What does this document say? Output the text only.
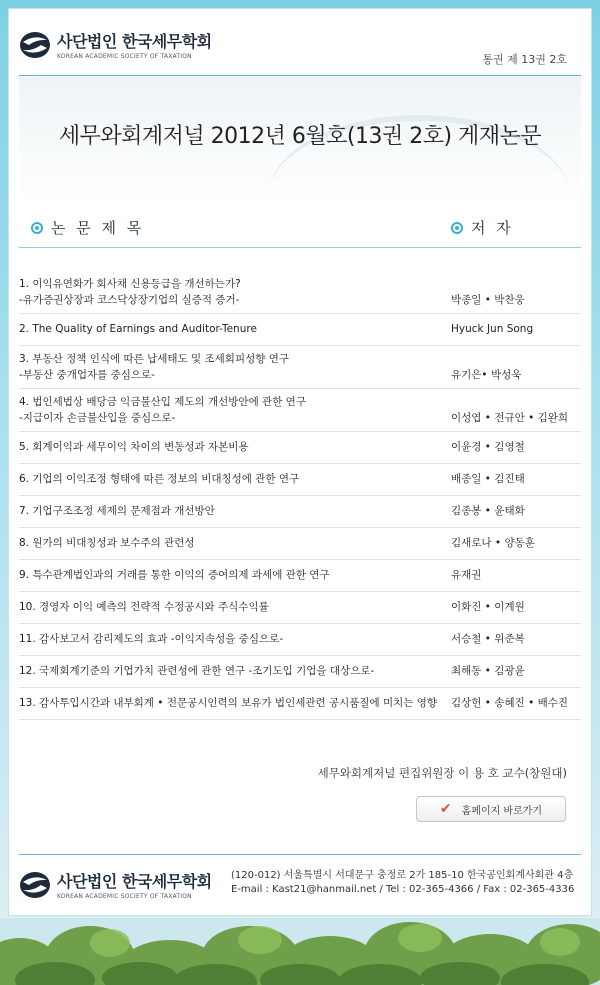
사단법인 한국세무학회
KOREAN ACADEMIC SOCIETY OF TAXATION	통권 제 13권 2호
세무와회계저널 2012년 6월호(13권 2호) 게재논문
논 문 제 목	저 자
1. 이익유연화가 회사채 신용등급을 개선하는가?
-유가증권상장과 코스닥상장기업의 실증적 증거-	박종일 • 박찬웅
2. The Quality of Earnings and Auditor-Tenure	Hyuck Jun Song
3. 부동산 정책 인식에 따른 납세태도 및 조세회피성향 연구
-부동산 중개업자를 중심으로-	유기은• 박성욱
4. 법인세법상 배당금 익금불산입 제도의 개선방안에 관한 연구
-지급이자 손금불산입을 중심으로-	이성엽 • 전규안 • 김완희
5. 회계이익과 세무이익 차이의 변동성과 자본비용	이윤경 • 김영철
6. 기업의 이익조정 형태에 따른 정보의 비대칭성에 관한 연구	배종일 • 김진태
7. 기업구조조정 세제의 문제점과 개선방안	김종봉 • 윤태화
8. 원가의 비대칭성과 보수주의 관련성	김새로나 • 양동훈
9. 특수관계법인과의 거래를 통한 이익의 증여의제 과세에 관한 연구	유재권
10. 경영자 이익 예측의 전략적 수정공시와 주식수익률	이화진 • 이계원
11. 감사보고서 감리제도의 효과 -이익지속성을 중심으로-	서승철 • 위준복
12. 국제회계기준의 기업가치 관련성에 관한 연구 -조기도입 기업을 대상으로-	최해동 • 김광윤
13. 감사투입시간과 내부회계 • 전문공시인력의 보유가 법인세관련 공시품질에 미치는 영향	김상헌 • 송혜진 • 배수진
세무와회계저널 편집위원장 이 용 호 교수(창원대)
✔ 홈페이지 바로가기
사단법인 한국세무학회
KOREAN ACADEMIC SOCIETY OF TAXATION
(120-012) 서울특별시 서대문구 충정로 2가 185-10 한국공인회계사회관 4층
E-mail : Kast21@hanmail.net / Tel : 02-365-4366 / Fax : 02-365-4336
